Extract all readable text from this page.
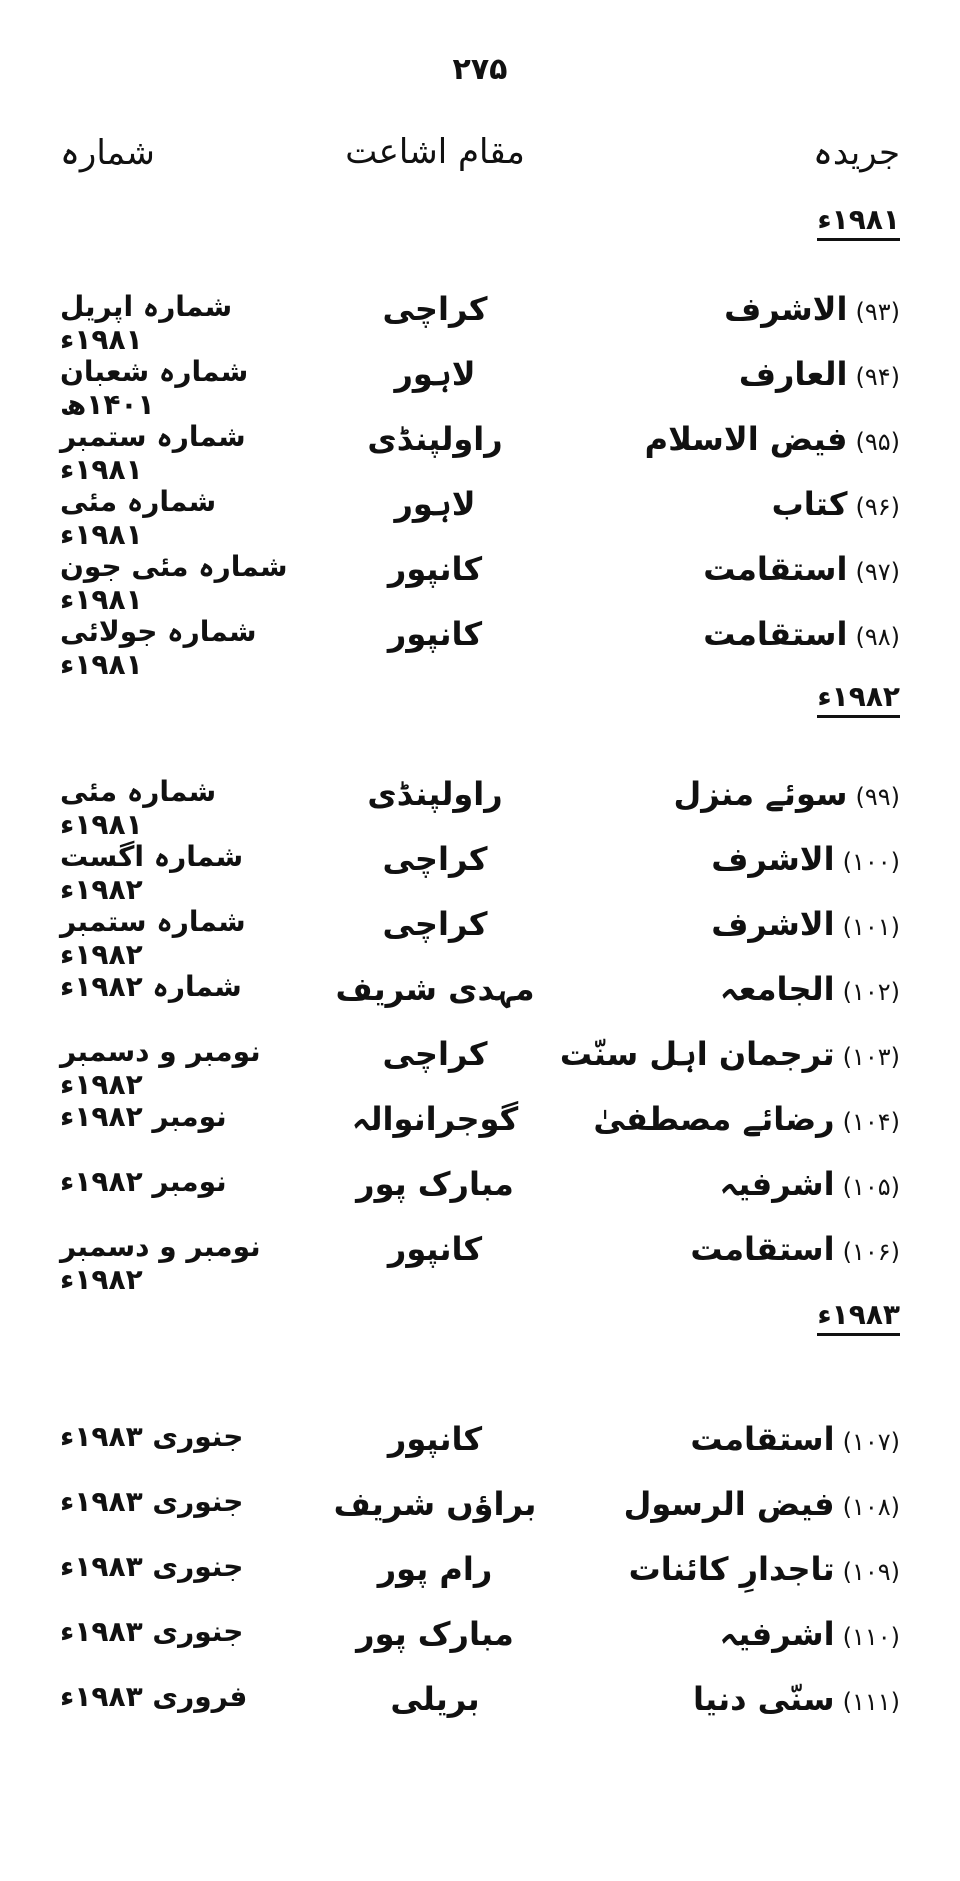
۲۷۵
جریدہ
مقام اشاعت
شمارہ
۱۹۸۱ء
(۹۳)الاشرف
کراچی
شمارہ اپریل ۱۹۸۱ء
(۹۴)العارف
لاہور
شمارہ شعبان ۱۴۰۱ھ
(۹۵)فیض الاسلام
راولپنڈی
شمارہ ستمبر ۱۹۸۱ء
(۹۶)کتاب
لاہور
شمارہ مئی ۱۹۸۱ء
(۹۷)استقامت
کانپور
شمارہ مئی جون ۱۹۸۱ء
(۹۸)استقامت
کانپور
شمارہ جولائی ۱۹۸۱ء
۱۹۸۲ء
(۹۹)سوئے منزل
راولپنڈی
شمارہ مئی ۱۹۸۱ء
(۱۰۰)الاشرف
کراچی
شمارہ اگست ۱۹۸۲ء
(۱۰۱)الاشرف
کراچی
شمارہ ستمبر ۱۹۸۲ء
(۱۰۲)الجامعہ
مہدی شریف
شمارہ ۱۹۸۲ء
(۱۰۳)ترجمان اہل سنّت
کراچی
نومبر و دسمبر ۱۹۸۲ء
(۱۰۴)رضائے مصطفیٰ
گوجرانوالہ
نومبر ۱۹۸۲ء
(۱۰۵)اشرفیہ
مبارک پور
نومبر ۱۹۸۲ء
(۱۰۶)استقامت
کانپور
نومبر و دسمبر ۱۹۸۲ء
۱۹۸۳ء
(۱۰۷)استقامت
کانپور
جنوری ۱۹۸۳ء
(۱۰۸)فیض الرسول
براؤں شریف
جنوری ۱۹۸۳ء
(۱۰۹)تاجدارِ کائنات
رام پور
جنوری ۱۹۸۳ء
(۱۱۰)اشرفیہ
مبارک پور
جنوری ۱۹۸۳ء
(۱۱۱)سنّی دنیا
بریلی
فروری ۱۹۸۳ء
